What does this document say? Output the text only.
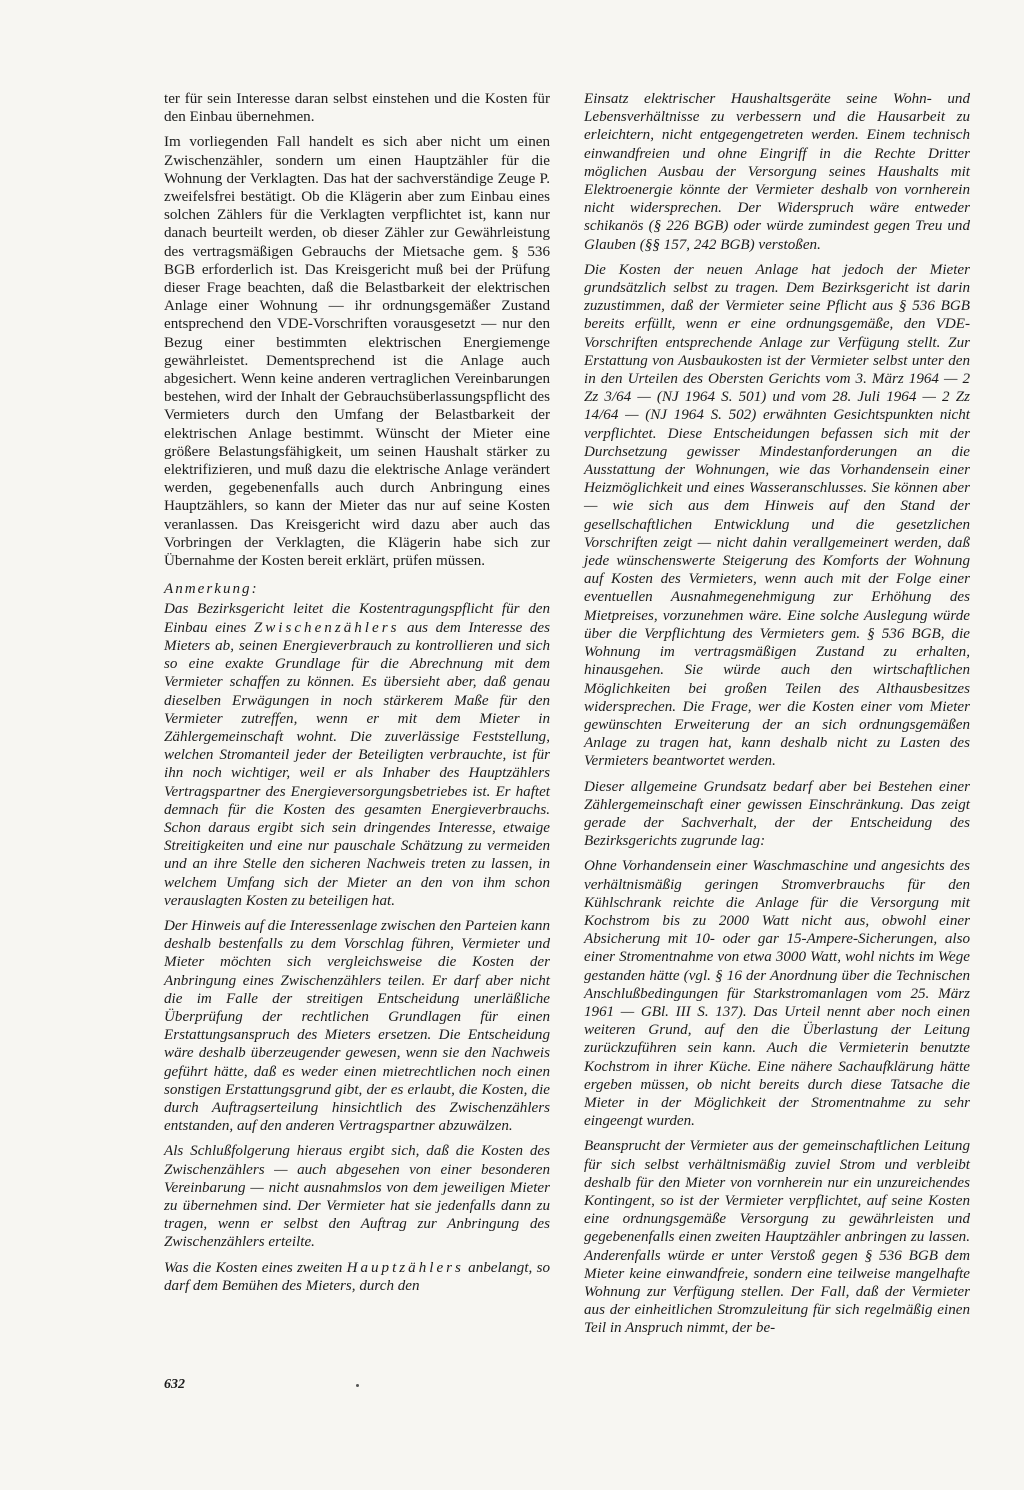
ter für sein Interesse daran selbst einstehen und die Kosten für den Einbau übernehmen.

Im vorliegenden Fall handelt es sich aber nicht um einen Zwischenzähler, sondern um einen Hauptzähler für die Wohnung der Verklagten. Das hat der sachverständige Zeuge P. zweifelsfrei bestätigt. Ob die Klägerin aber zum Einbau eines solchen Zählers für die Verklagten verpflichtet ist, kann nur danach beurteilt werden, ob dieser Zähler zur Gewährleistung des vertragsmäßigen Gebrauchs der Mietsache gem. § 536 BGB erforderlich ist. Das Kreisgericht muß bei der Prüfung dieser Frage beachten, daß die Belastbarkeit der elektrischen Anlage einer Wohnung — ihr ordnungsgemäßer Zustand entsprechend den VDE-Vorschriften vorausgesetzt — nur den Bezug einer bestimmten elektrischen Energiemenge gewährleistet. Dementsprechend ist die Anlage auch abgesichert. Wenn keine anderen vertraglichen Vereinbarungen bestehen, wird der Inhalt der Gebrauchsüberlassungspflicht des Vermieters durch den Umfang der Belastbarkeit der elektrischen Anlage bestimmt. Wünscht der Mieter eine größere Belastungsfähigkeit, um seinen Haushalt stärker zu elektrifizieren, und muß dazu die elektrische Anlage verändert werden, gegebenenfalls auch durch Anbringung eines Hauptzählers, so kann der Mieter das nur auf seine Kosten veranlassen. Das Kreisgericht wird dazu aber auch das Vorbringen der Verklagten, die Klägerin habe sich zur Übernahme der Kosten bereit erklärt, prüfen müssen.

Anmerkung:

Das Bezirksgericht leitet die Kostentragungspflicht für den Einbau eines Zwischenzählers aus dem Interesse des Mieters ab, seinen Energieverbrauch zu kontrollieren und sich so eine exakte Grundlage für die Abrechnung mit dem Vermieter schaffen zu können. Es übersieht aber, daß genau dieselben Erwägungen in noch stärkerem Maße für den Vermieter zutreffen, wenn er mit dem Mieter in Zählergemeinschaft wohnt. Die zuverlässige Feststellung, welchen Stromanteil jeder der Beteiligten verbrauchte, ist für ihn noch wichtiger, weil er als Inhaber des Hauptzählers Vertragspartner des Energieversorgungsbetriebes ist. Er haftet demnach für die Kosten des gesamten Energieverbrauchs. Schon daraus ergibt sich sein dringendes Interesse, etwaige Streitigkeiten und eine nur pauschale Schätzung zu vermeiden und an ihre Stelle den sicheren Nachweis treten zu lassen, in welchem Umfang sich der Mieter an den von ihm schon verauslagten Kosten zu beteiligen hat.

Der Hinweis auf die Interessenlage zwischen den Parteien kann deshalb bestenfalls zu dem Vorschlag führen, Vermieter und Mieter möchten sich vergleichsweise die Kosten der Anbringung eines Zwischenzählers teilen. Er darf aber nicht die im Falle der streitigen Entscheidung unerläßliche Überprüfung der rechtlichen Grundlagen für einen Erstattungsanspruch des Mieters ersetzen. Die Entscheidung wäre deshalb überzeugender gewesen, wenn sie den Nachweis geführt hätte, daß es weder einen mietrechtlichen noch einen sonstigen Erstattungsgrund gibt, der es erlaubt, die Kosten, die durch Auftragserteilung hinsichtlich des Zwischenzählers entstanden, auf den anderen Vertragspartner abzuwälzen.

Als Schlußfolgerung hieraus ergibt sich, daß die Kosten des Zwischenzählers — auch abgesehen von einer besonderen Vereinbarung — nicht ausnahmslos von dem jeweiligen Mieter zu übernehmen sind. Der Vermieter hat sie jedenfalls dann zu tragen, wenn er selbst den Auftrag zur Anbringung des Zwischenzählers erteilte.

Was die Kosten eines zweiten Hauptzählers anbelangt, so darf dem Bemühen des Mieters, durch den

Einsatz elektrischer Haushaltsgeräte seine Wohn- und Lebensverhältnisse zu verbessern und die Hausarbeit zu erleichtern, nicht entgegengetreten werden. Einem technisch einwandfreien und ohne Eingriff in die Rechte Dritter möglichen Ausbau der Versorgung seines Haushalts mit Elektroenergie könnte der Vermieter deshalb von vornherein nicht widersprechen. Der Widerspruch wäre entweder schikanös (§ 226 BGB) oder würde zumindest gegen Treu und Glauben (§§ 157, 242 BGB) verstoßen.

Die Kosten der neuen Anlage hat jedoch der Mieter grundsätzlich selbst zu tragen. Dem Bezirksgericht ist darin zuzustimmen, daß der Vermieter seine Pflicht aus § 536 BGB bereits erfüllt, wenn er eine ordnungsgemäße, den VDE-Vorschriften entsprechende Anlage zur Verfügung stellt. Zur Erstattung von Ausbaukosten ist der Vermieter selbst unter den in den Urteilen des Obersten Gerichts vom 3. März 1964 — 2 Zz 3/64 — (NJ 1964 S. 501) und vom 28. Juli 1964 — 2 Zz 14/64 — (NJ 1964 S. 502) erwähnten Gesichtspunkten nicht verpflichtet. Diese Entscheidungen befassen sich mit der Durchsetzung gewisser Mindestanforderungen an die Ausstattung der Wohnungen, wie das Vorhandensein einer Heizmöglichkeit und eines Wasseranschlusses. Sie können aber — wie sich aus dem Hinweis auf den Stand der gesellschaftlichen Entwicklung und die gesetzlichen Vorschriften zeigt — nicht dahin verallgemeinert werden, daß jede wünschenswerte Steigerung des Komforts der Wohnung auf Kosten des Vermieters, wenn auch mit der Folge einer eventuellen Ausnahmegenehmigung zur Erhöhung des Mietpreises, vorzunehmen wäre. Eine solche Auslegung würde über die Verpflichtung des Vermieters gem. § 536 BGB, die Wohnung im vertragsmäßigen Zustand zu erhalten, hinausgehen. Sie würde auch den wirtschaftlichen Möglichkeiten bei großen Teilen des Althausbesitzes widersprechen. Die Frage, wer die Kosten einer vom Mieter gewünschten Erweiterung der an sich ordnungsgemäßen Anlage zu tragen hat, kann deshalb nicht zu Lasten des Vermieters beantwortet werden.

Dieser allgemeine Grundsatz bedarf aber bei Bestehen einer Zählergemeinschaft einer gewissen Einschränkung. Das zeigt gerade der Sachverhalt, der der Entscheidung des Bezirksgerichts zugrunde lag:

Ohne Vorhandensein einer Waschmaschine und angesichts des verhältnismäßig geringen Stromverbrauchs für den Kühlschrank reichte die Anlage für die Versorgung mit Kochstrom bis zu 2000 Watt nicht aus, obwohl einer Absicherung mit 10- oder gar 15-Ampere-Sicherungen, also einer Stromentnahme von etwa 3000 Watt, wohl nichts im Wege gestanden hätte (vgl. § 16 der Anordnung über die Technischen Anschlußbedingungen für Starkstromanlagen vom 25. März 1961 — GBl. III S. 137). Das Urteil nennt aber noch einen weiteren Grund, auf den die Überlastung der Leitung zurückzuführen sein kann. Auch die Vermieterin benutzte Kochstrom in ihrer Küche. Eine nähere Sachaufklärung hätte ergeben müssen, ob nicht bereits durch diese Tatsache die Mieter in der Möglichkeit der Stromentnahme zu sehr eingeengt wurden.

Beansprucht der Vermieter aus der gemeinschaftlichen Leitung für sich selbst verhältnismäßig zuviel Strom und verbleibt deshalb für den Mieter von vornherein nur ein unzureichendes Kontingent, so ist der Vermieter verpflichtet, auf seine Kosten eine ordnungsgemäße Versorgung zu gewährleisten und gegebenenfalls einen zweiten Hauptzähler anbringen zu lassen. Anderenfalls würde er unter Verstoß gegen § 536 BGB dem Mieter keine einwandfreie, sondern eine teilweise mangelhafte Wohnung zur Verfügung stellen. Der Fall, daß der Vermieter aus der einheitlichen Stromzuleitung für sich regelmäßig einen Teil in Anspruch nimmt, der be-

632
